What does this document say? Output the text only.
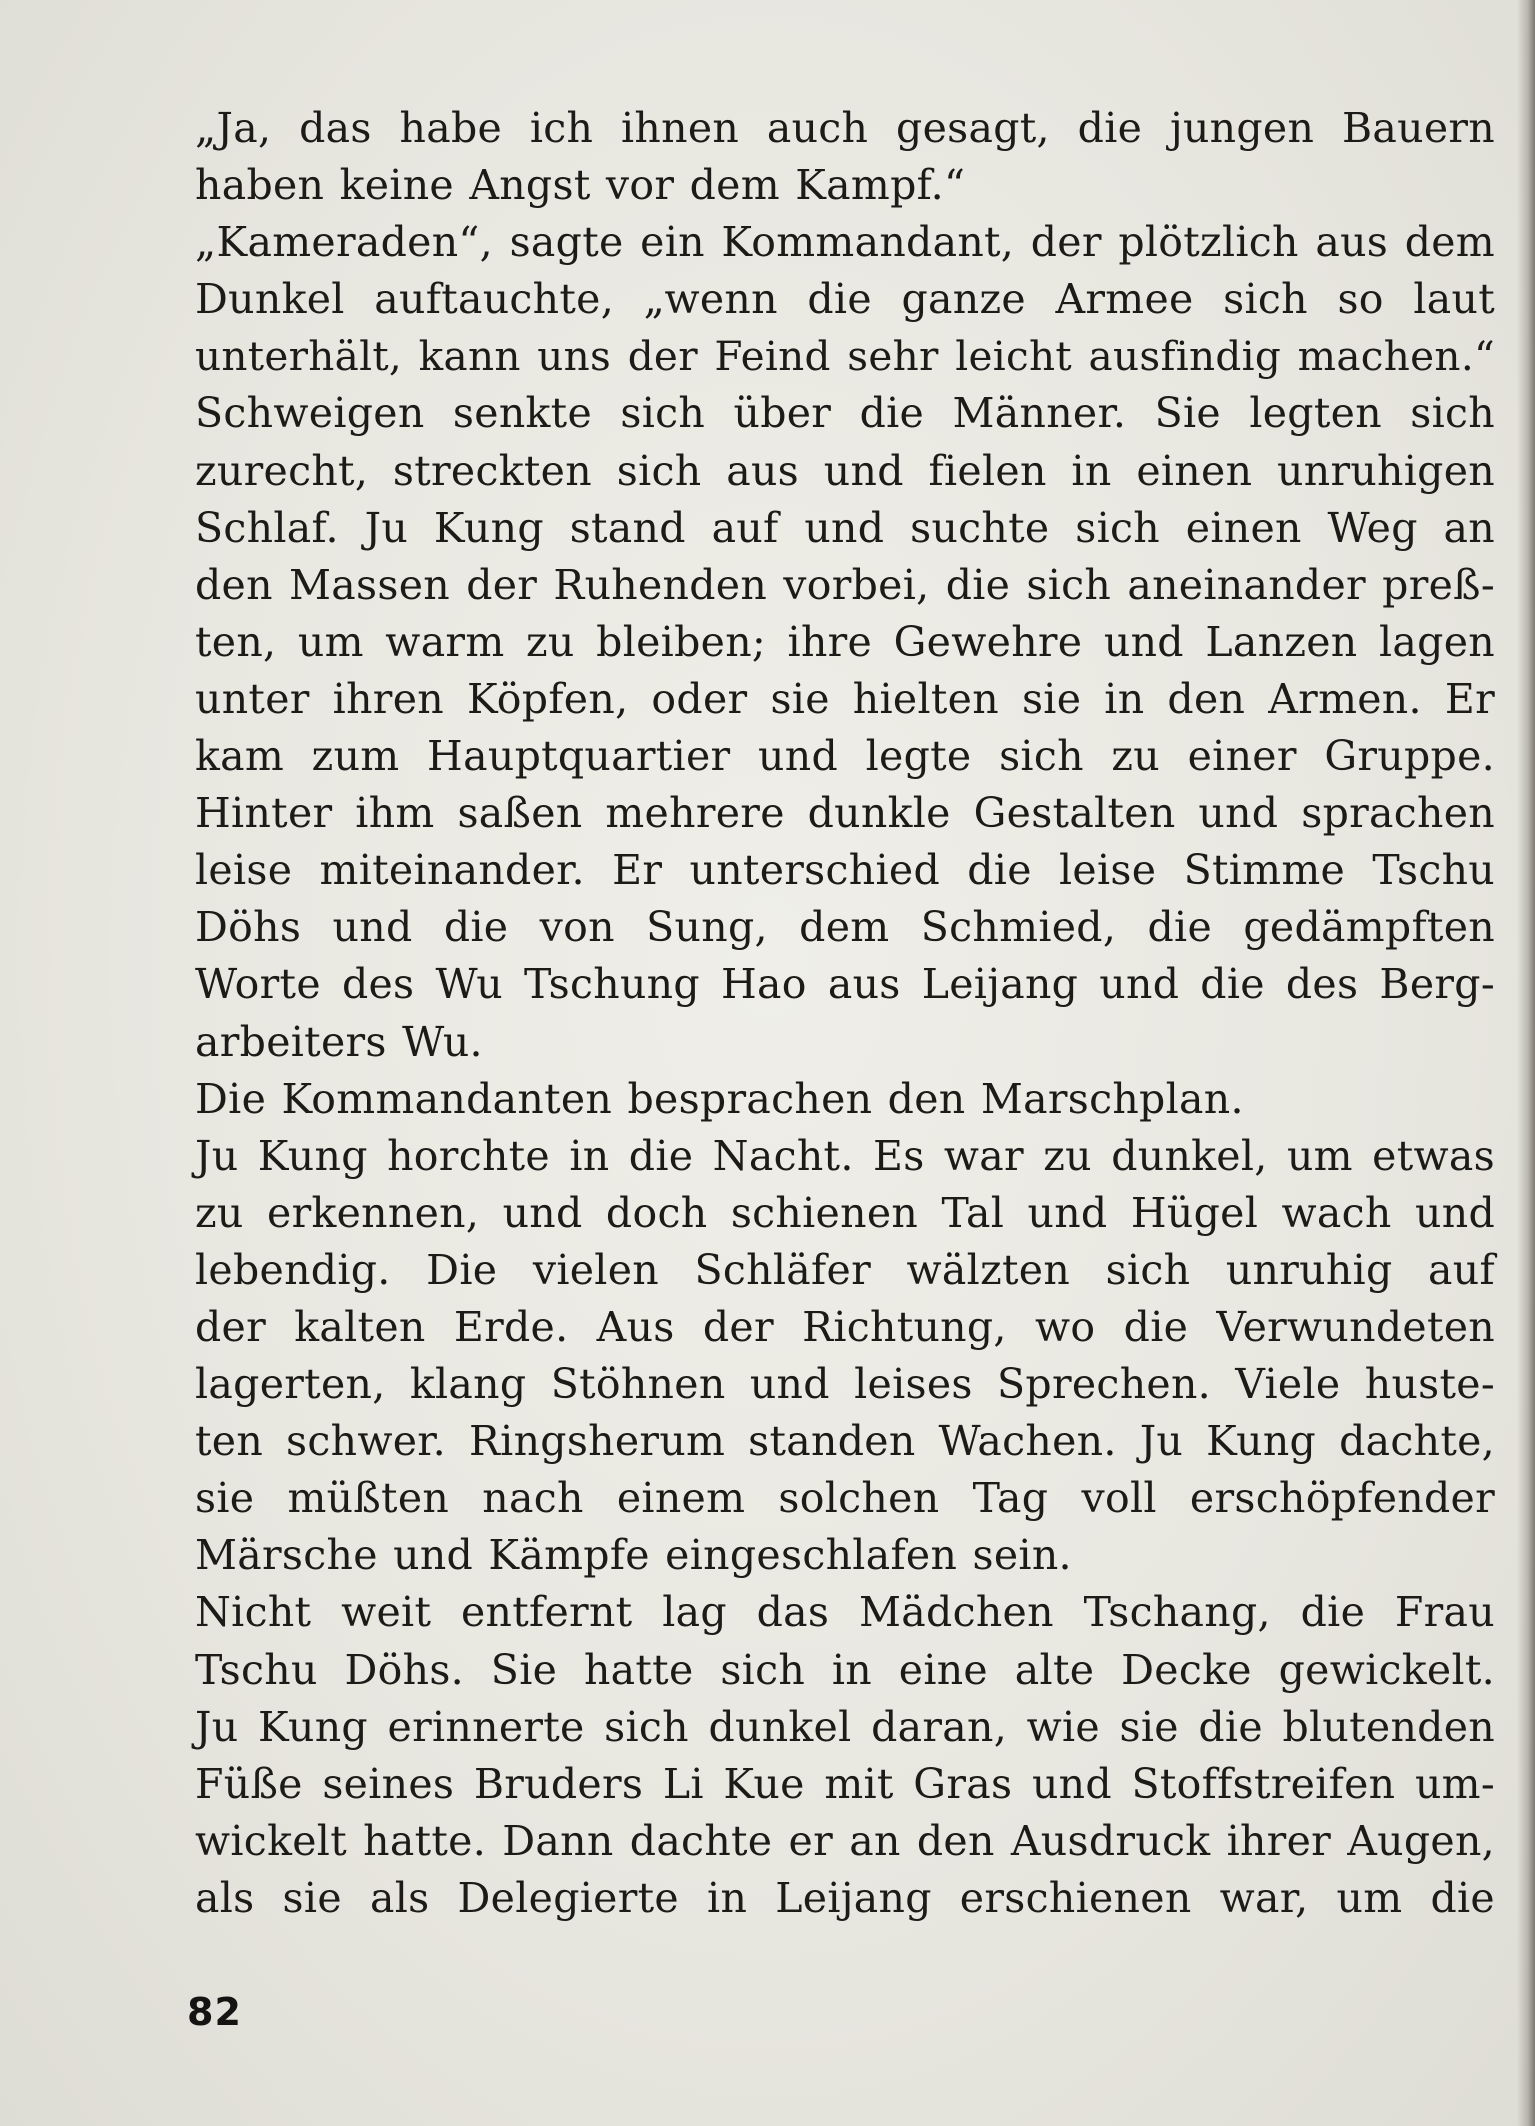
„Ja, das habe ich ihnen auch gesagt, die jungen Bauern
haben keine Angst vor dem Kampf.“
„Kameraden“, sagte ein Kommandant, der plötzlich aus dem
Dunkel auftauchte, „wenn die ganze Armee sich so laut
unterhält, kann uns der Feind sehr leicht ausfindig machen.“
Schweigen senkte sich über die Männer. Sie legten sich
zurecht, streckten sich aus und fielen in einen unruhigen
Schlaf. Ju Kung stand auf und suchte sich einen Weg an
den Massen der Ruhenden vorbei, die sich aneinander preß-
ten, um warm zu bleiben; ihre Gewehre und Lanzen lagen
unter ihren Köpfen, oder sie hielten sie in den Armen. Er
kam zum Hauptquartier und legte sich zu einer Gruppe.
Hinter ihm saßen mehrere dunkle Gestalten und sprachen
leise miteinander. Er unterschied die leise Stimme Tschu
Döhs und die von Sung, dem Schmied, die gedämpften
Worte des Wu Tschung Hao aus Leijang und die des Berg-
arbeiters Wu.
Die Kommandanten besprachen den Marschplan.
Ju Kung horchte in die Nacht. Es war zu dunkel, um etwas
zu erkennen, und doch schienen Tal und Hügel wach und
lebendig. Die vielen Schläfer wälzten sich unruhig auf
der kalten Erde. Aus der Richtung, wo die Verwundeten
lagerten, klang Stöhnen und leises Sprechen. Viele huste-
ten schwer. Ringsherum standen Wachen. Ju Kung dachte,
sie müßten nach einem solchen Tag voll erschöpfender
Märsche und Kämpfe eingeschlafen sein.
Nicht weit entfernt lag das Mädchen Tschang, die Frau
Tschu Döhs. Sie hatte sich in eine alte Decke gewickelt.
Ju Kung erinnerte sich dunkel daran, wie sie die blutenden
Füße seines Bruders Li Kue mit Gras und Stoffstreifen um-
wickelt hatte. Dann dachte er an den Ausdruck ihrer Augen,
als sie als Delegierte in Leijang erschienen war, um die
82
